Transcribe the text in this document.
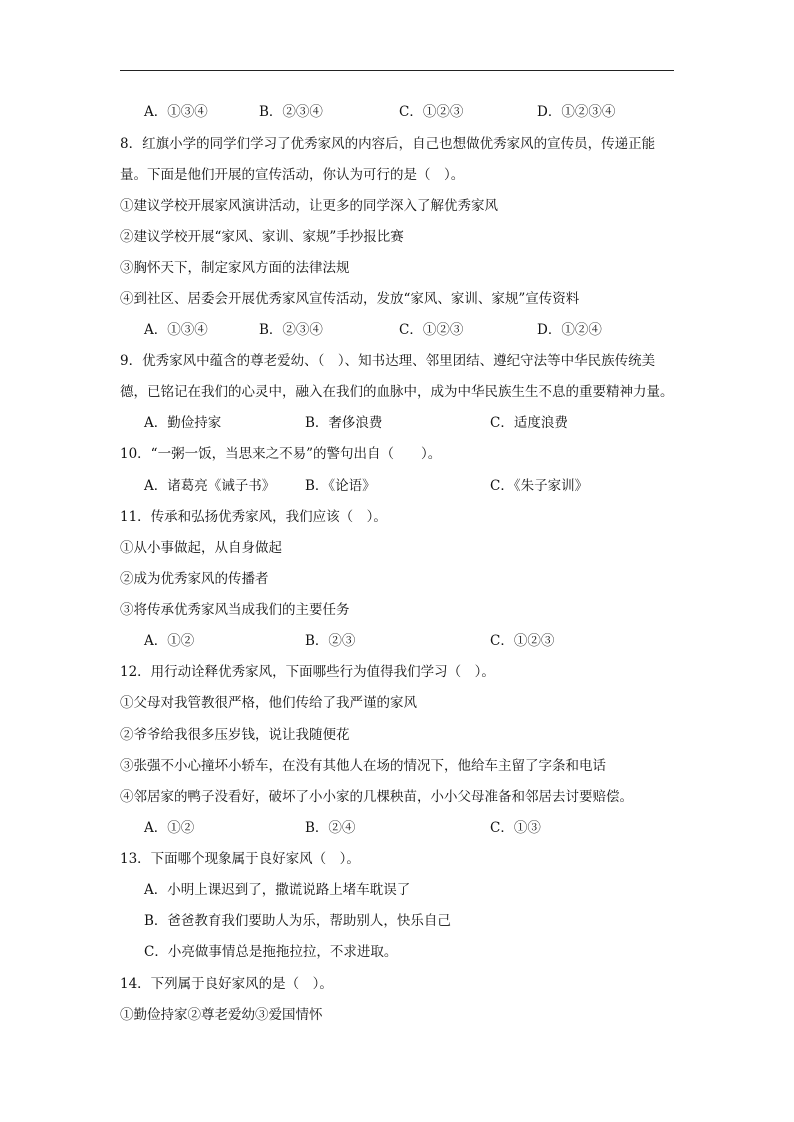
A．①③④	B．②③④	C．①②③	D．①②③④
8．红旗小学的同学们学习了优秀家风的内容后，自己也想做优秀家风的宣传员，传递正能
量。下面是他们开展的宣传活动，你认为可行的是（　）。
①建议学校开展家风演讲活动，让更多的同学深入了解优秀家风
②建议学校开展“家风、家训、家规”手抄报比赛
③胸怀天下，制定家风方面的法律法规
④到社区、居委会开展优秀家风宣传活动，发放“家风、家训、家规”宣传资料
A．①③④	B．②③④	C．①②③	D．①②④
9．优秀家风中蕴含的尊老爱幼、（　）、知书达理、邻里团结、遵纪守法等中华民族传统美
德，已铭记在我们的心灵中，融入在我们的血脉中，成为中华民族生生不息的重要精神力量。
A．勤俭持家	B．奢侈浪费	C．适度浪费
10．“一粥一饭，当思来之不易”的警句出自（　　）。
A．诸葛亮《诫子书》 B．《论语》	C．《朱子家训》
11．传承和弘扬优秀家风，我们应该（　）。
①从小事做起，从自身做起
②成为优秀家风的传播者
③将传承优秀家风当成我们的主要任务
A．①②	B．②③	C．①②③
12．用行动诠释优秀家风，下面哪些行为值得我们学习（　）。
①父母对我管教很严格，他们传给了我严谨的家风
②爷爷给我很多压岁钱，说让我随便花
③张强不小心撞坏小轿车，在没有其他人在场的情况下，他给车主留了字条和电话
④邻居家的鸭子没看好，破坏了小小家的几棵秧苗，小小父母准备和邻居去讨要赔偿。
A．①②	B．②④	C．①③
13．下面哪个现象属于良好家风（　）。
A．小明上课迟到了，撒谎说路上堵车耽误了
B．爸爸教育我们要助人为乐，帮助别人，快乐自己
C．小亮做事情总是拖拖拉拉，不求进取。
14．下列属于良好家风的是（　）。
①勤俭持家②尊老爱幼③爱国情怀
